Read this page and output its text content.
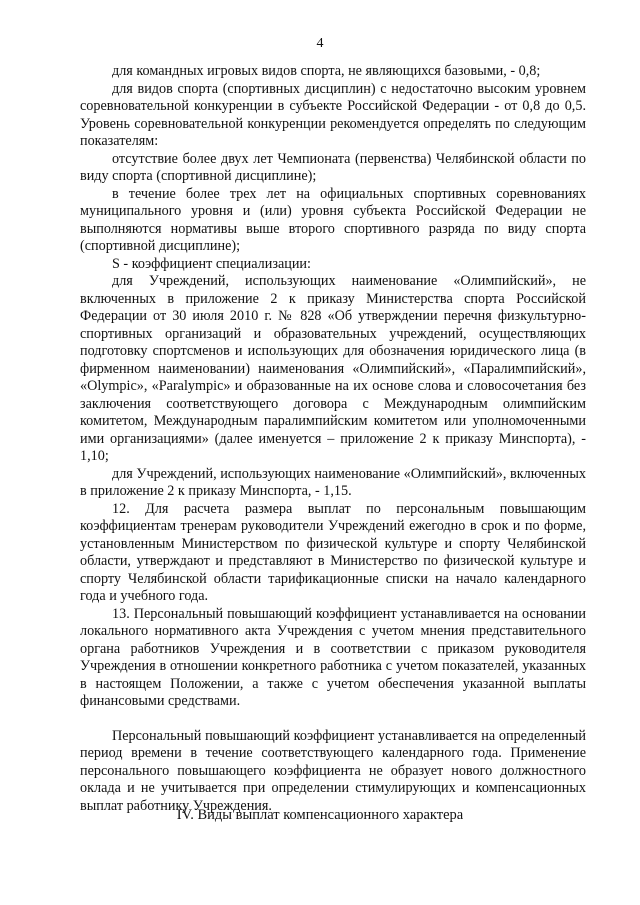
4

для командных игровых видов спорта, не являющихся базовыми, - 0,8;

для видов спорта (спортивных дисциплин) с недостаточно высоким уровнем соревновательной конкуренции в субъекте Российской Федерации - от 0,8 до 0,5. Уровень соревновательной конкуренции рекомендуется определять по следующим показателям:

отсутствие более двух лет Чемпионата (первенства) Челябинской области по виду спорта (спортивной дисциплине);

в течение более трех лет на официальных спортивных соревнованиях муниципального уровня и (или) уровня субъекта Российской Федерации не выполняются нормативы выше второго спортивного разряда по виду спорта (спортивной дисциплине);

S - коэффициент специализации:

для Учреждений, использующих наименование «Олимпийский», не включенных в приложение 2 к приказу Министерства спорта Российской Федерации от 30 июля 2010 г. № 828 «Об утверждении перечня физкультурно-спортивных организаций и образовательных учреждений, осуществляющих подготовку спортсменов и использующих для обозначения юридического лица (в фирменном наименовании) наименования «Олимпийский», «Паралимпийский», «Olympic», «Paralympic» и образованные на их основе слова и словосочетания без заключения соответствующего договора с Международным олимпийским комитетом, Международным паралимпийским комитетом или уполномоченными ими организациями» (далее именуется – приложение 2 к приказу Минспорта), - 1,10;

для Учреждений, использующих наименование «Олимпийский», включенных в приложение 2 к приказу Минспорта, - 1,15.

12. Для расчета размера выплат по персональным повышающим коэффициентам тренерам руководители Учреждений ежегодно в срок и по форме, установленным Министерством по физической культуре и спорту Челябинской области, утверждают и представляют в Министерство по физической культуре и спорту Челябинской области тарификационные списки на начало календарного года и учебного года.

13. Персональный повышающий коэффициент устанавливается на основании локального нормативного акта Учреждения с учетом мнения представительного органа работников Учреждения и в соответствии с приказом руководителя Учреждения в отношении конкретного работника с учетом показателей, указанных в настоящем Положении, а также с учетом обеспечения указанной выплаты финансовыми средствами.

Персональный повышающий коэффициент устанавливается на определенный период времени в течение соответствующего календарного года. Применение персонального повышающего коэффициента не образует нового должностного оклада и не учитывается при определении стимулирующих и компенсационных выплат работнику Учреждения.

IV. Виды выплат компенсационного характера
